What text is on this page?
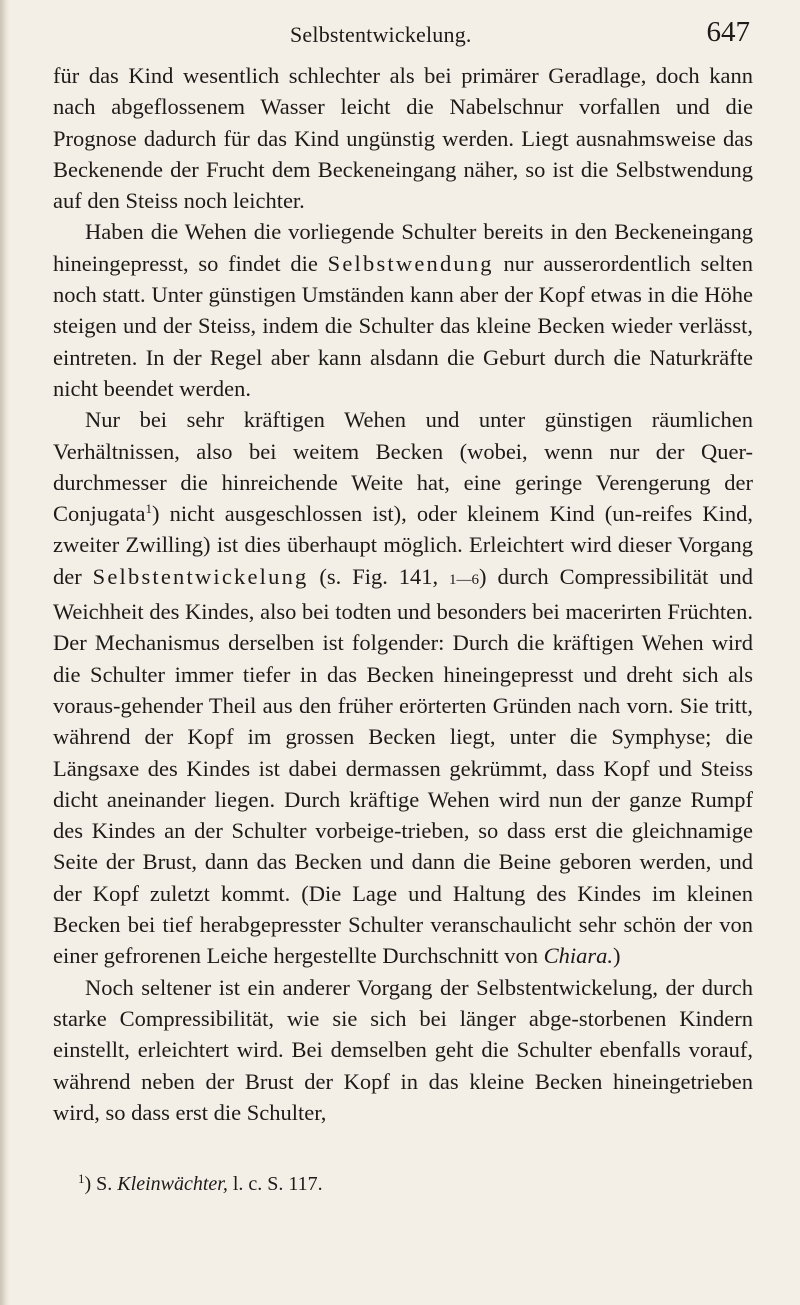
Selbstentwickelung.	647

für das Kind wesentlich schlechter als bei primärer Geradlage, doch kann nach abgeflossenem Wasser leicht die Nabelschnur vorfallen und die Prognose dadurch für das Kind ungünstig werden. Liegt ausnahmsweise das Beckenende der Frucht dem Beckeneingang näher, so ist die Selbstwendung auf den Steiss noch leichter.

Haben die Wehen die vorliegende Schulter bereits in den Beckeneingang hineingepresst, so findet die Selbstwendung nur ausserordentlich selten noch statt. Unter günstigen Umständen kann aber der Kopf etwas in die Höhe steigen und der Steiss, indem die Schulter das kleine Becken wieder verlässt, eintreten. In der Regel aber kann alsdann die Geburt durch die Naturkräfte nicht beendet werden.

Nur bei sehr kräftigen Wehen und unter günstigen räumlichen Verhältnissen, also bei weitem Becken (wobei, wenn nur der Quer-durchmesser die hinreichende Weite hat, eine geringe Verengerung der Conjugata$^1$) nicht ausgeschlossen ist), oder kleinem Kind (un-reifes Kind, zweiter Zwilling) ist dies überhaupt möglich. Erleichtert wird dieser Vorgang der Selbstentwickelung (s. Fig. 141, 1—6) durch Compressibilität und Weichheit des Kindes, also bei todten und besonders bei macerirten Früchten. Der Mechanismus derselben ist folgender: Durch die kräftigen Wehen wird die Schulter immer tiefer in das Becken hineingepresst und dreht sich als voraus-gehender Theil aus den früher erörterten Gründen nach vorn. Sie tritt, während der Kopf im grossen Becken liegt, unter die Symphyse; die Längsaxe des Kindes ist dabei dermassen gekrümmt, dass Kopf und Steiss dicht aneinander liegen. Durch kräftige Wehen wird nun der ganze Rumpf des Kindes an der Schulter vorbeige-trieben, so dass erst die gleichnamige Seite der Brust, dann das Becken und dann die Beine geboren werden, und der Kopf zuletzt kommt. (Die Lage und Haltung des Kindes im kleinen Becken bei tief herabgepresster Schulter veranschaulicht sehr schön der von einer gefrorenen Leiche hergestellte Durchschnitt von Chiara.)

Noch seltener ist ein anderer Vorgang der Selbstentwickelung, der durch starke Compressibilität, wie sie sich bei länger abge-storbenen Kindern einstellt, erleichtert wird. Bei demselben geht die Schulter ebenfalls vorauf, während neben der Brust der Kopf in das kleine Becken hineingetrieben wird, so dass erst die Schulter,

$^1$) S. Kleinwächter, l. c. S. 117.
